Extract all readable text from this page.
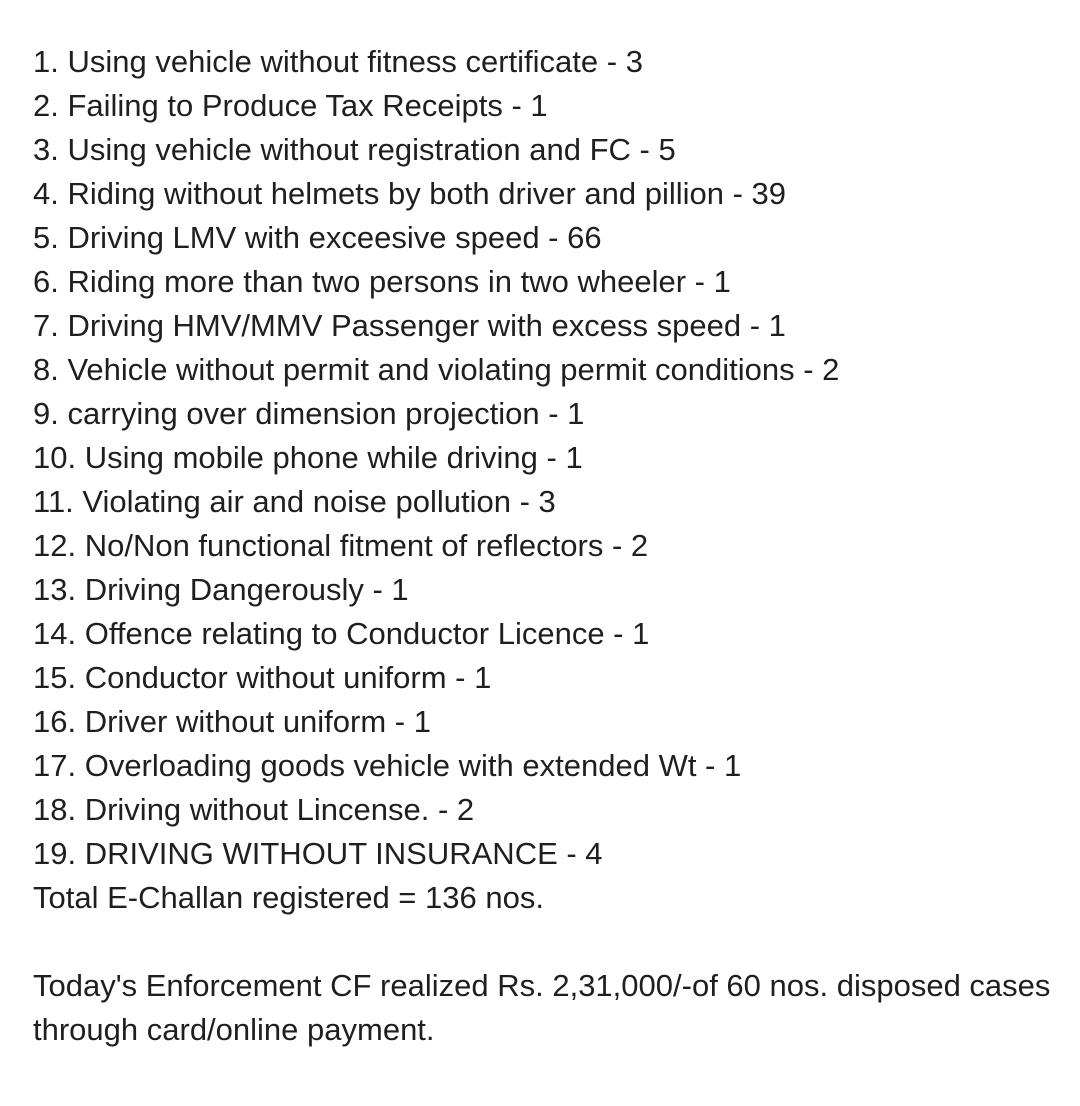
1. Using vehicle without fitness certificate - 3
2. Failing to Produce Tax Receipts - 1
3. Using vehicle without registration and FC - 5
4. Riding without helmets by both driver and pillion - 39
5. Driving LMV with exceesive speed - 66
6. Riding more than two persons in two wheeler - 1
7. Driving HMV/MMV Passenger with excess speed - 1
8. Vehicle without permit and violating permit conditions - 2
9. carrying over dimension projection - 1
10. Using mobile phone while driving - 1
11. Violating air and noise pollution - 3
12. No/Non functional fitment of reflectors - 2
13. Driving Dangerously - 1
14. Offence relating to Conductor Licence - 1
15. Conductor without uniform - 1
16. Driver without uniform - 1
17. Overloading goods vehicle with extended Wt - 1
18. Driving without Lincense. - 2
19. DRIVING WITHOUT INSURANCE - 4
Total E-Challan registered = 136 nos.
Today's Enforcement CF realized Rs. 2,31,000/-of 60 nos. disposed cases through card/online payment.
